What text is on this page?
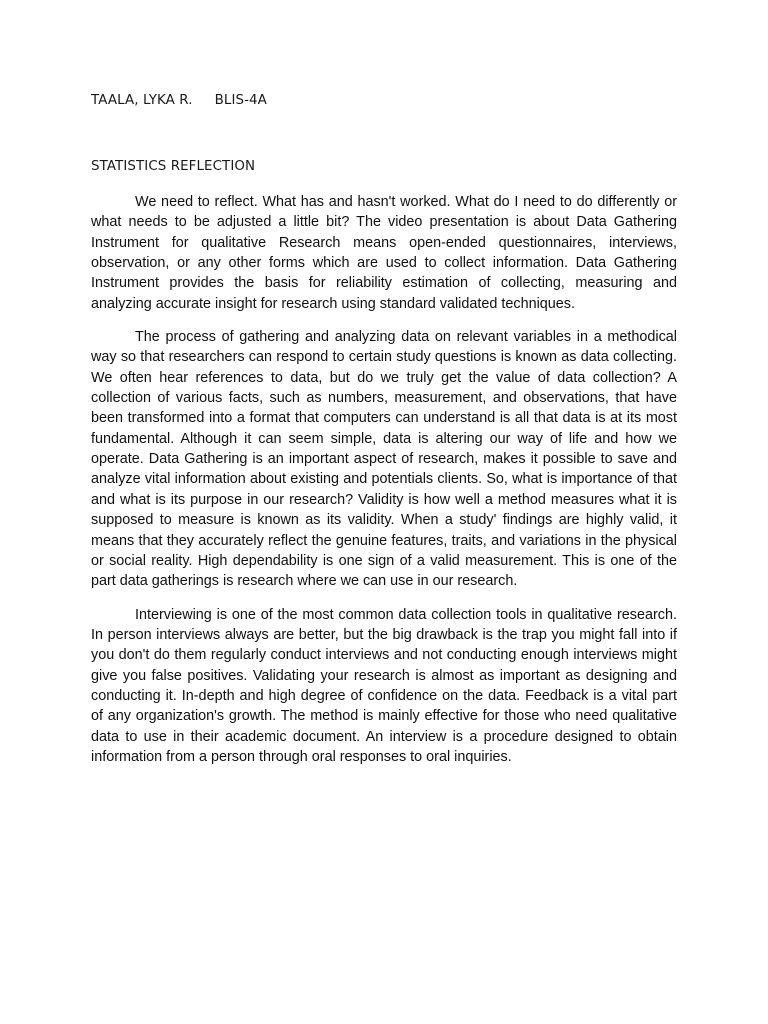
TAALA, LYKA R. BLIS-4A
STATISTICS REFLECTION

We need to reflect. What has and hasn't worked. What do I need to do differently or what needs to be adjusted a little bit? The video presentation is about Data Gathering Instrument for qualitative Research means open-ended questionnaires, interviews, observation, or any other forms which are used to collect information. Data Gathering Instrument provides the basis for reliability estimation of collecting, measuring and analyzing accurate insight for research using standard validated techniques.

The process of gathering and analyzing data on relevant variables in a methodical way so that researchers can respond to certain study questions is known as data collecting. We often hear references to data, but do we truly get the value of data collection? A collection of various facts, such as numbers, measurement, and observations, that have been transformed into a format that computers can understand is all that data is at its most fundamental. Although it can seem simple, data is altering our way of life and how we operate. Data Gathering is an important aspect of research, makes it possible to save and analyze vital information about existing and potentials clients. So, what is importance of that and what is its purpose in our research? Validity is how well a method measures what it is supposed to measure is known as its validity. When a study' findings are highly valid, it means that they accurately reflect the genuine features, traits, and variations in the physical or social reality. High dependability is one sign of a valid measurement. This is one of the part data gatherings is research where we can use in our research.

Interviewing is one of the most common data collection tools in qualitative research. In person interviews always are better, but the big drawback is the trap you might fall into if you don't do them regularly conduct interviews and not conducting enough interviews might give you false positives. Validating your research is almost as important as designing and conducting it. In-depth and high degree of confidence on the data. Feedback is a vital part of any organization's growth. The method is mainly effective for those who need qualitative data to use in their academic document. An interview is a procedure designed to obtain information from a person through oral responses to oral inquiries.
